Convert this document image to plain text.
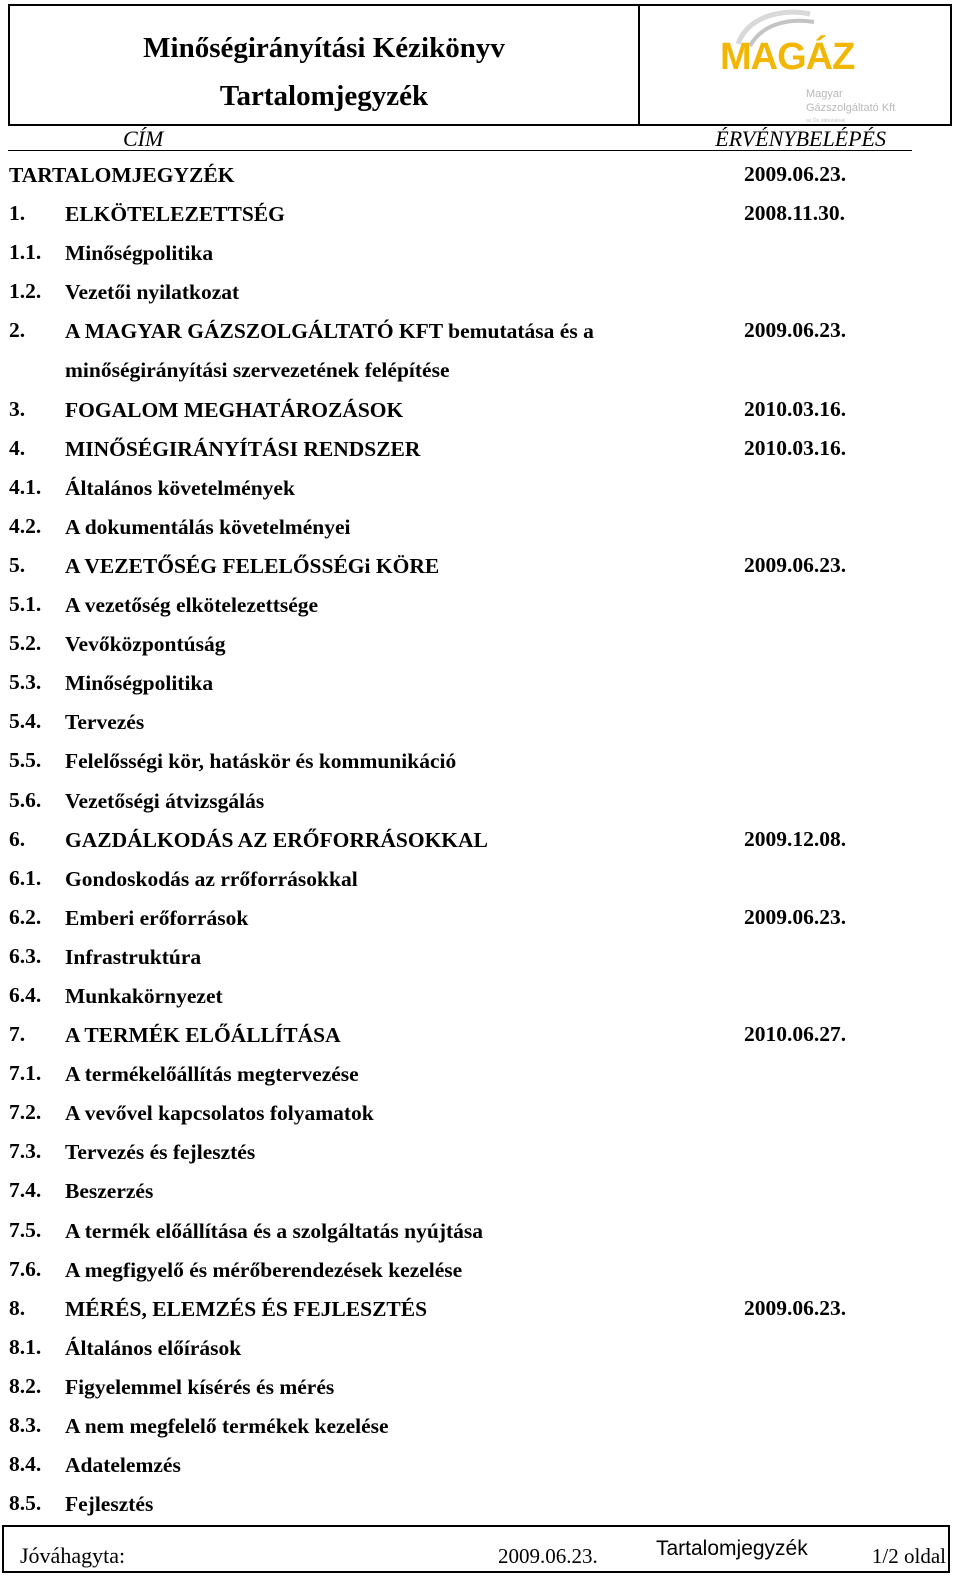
Minőségirányítási Kézikönyv
Tartalomjegyzék
MAGÁZ
Magyar
Gázszolgáltató Kft
az Ön otthonának
CÍM	ÉRVÉNYBELÉPÉS
TARTALOMJEGYZÉK	2009.06.23.
1. ELKÖTELEZETTSÉG	2008.11.30.
1.1. Minőségpolitika
1.2. Vezetői nyilatkozat
2. A MAGYAR GÁZSZOLGÁLTATÓ KFT bemutatása és a	2009.06.23.
minőségirányítási szervezetének felépítése
3. FOGALOM MEGHATÁROZÁSOK	2010.03.16.
4. MINŐSÉGIRÁNYÍTÁSI RENDSZER	2010.03.16.
4.1. Általános követelmények
4.2. A dokumentálás követelményei
5. A VEZETŐSÉG FELELŐSSÉGi KÖRE	2009.06.23.
5.1. A vezetőség elkötelezettsége
5.2. Vevőközpontúság
5.3. Minőségpolitika
5.4. Tervezés
5.5. Felelősségi kör, hatáskör és kommunikáció
5.6. Vezetőségi átvizsgálás
6. GAZDÁLKODÁS AZ ERŐFORRÁSOKKAL	2009.12.08.
6.1. Gondoskodás az rrőforrásokkal
6.2. Emberi erőforrások	2009.06.23.
6.3. Infrastruktúra
6.4. Munkakörnyezet
7. A TERMÉK ELŐÁLLÍTÁSA	2010.06.27.
7.1. A termékelőállítás megtervezése
7.2. A vevővel kapcsolatos folyamatok
7.3. Tervezés és fejlesztés
7.4. Beszerzés
7.5. A termék előállítása és a szolgáltatás nyújtása
7.6. A megfigyelő és mérőberendezések kezelése
8. MÉRÉS, ELEMZÉS ÉS FEJLESZTÉS	2009.06.23.
8.1. Általános előírások
8.2. Figyelemmel kísérés és mérés
8.3. A nem megfelelő termékek kezelése
8.4. Adatelemzés
8.5. Fejlesztés
Jóváhagyta:	2009.06.23.	Tartalomjegyzék	1/2 oldal
